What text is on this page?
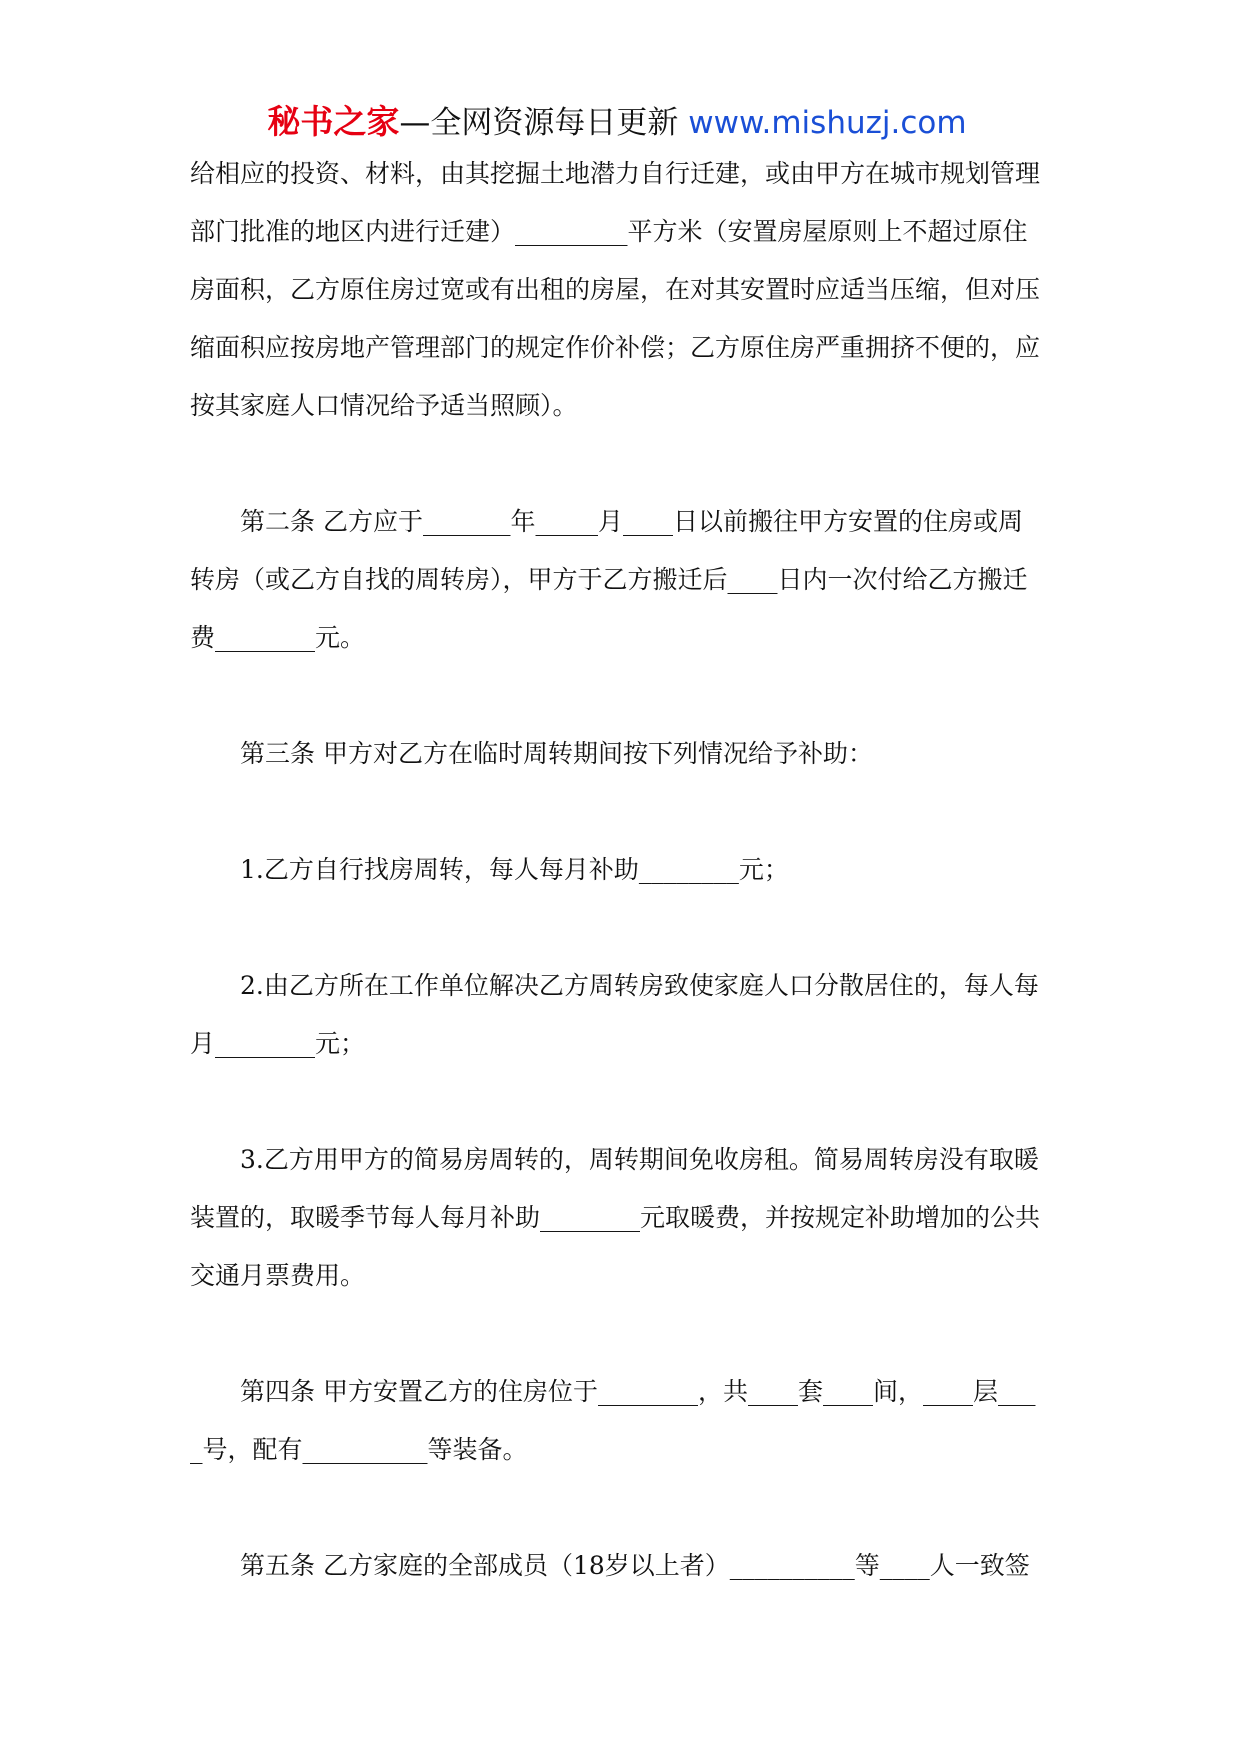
秘书之家—全网资源每日更新 www.mishuzj.com

给相应的投资、材料，由其挖掘土地潜力自行迁建，或由甲方在城市规划管理部门批准的地区内进行迁建）_________平方米（安置房屋原则上不超过原住房面积，乙方原住房过宽或有出租的房屋，在对其安置时应适当压缩，但对压缩面积应按房地产管理部门的规定作价补偿；乙方原住房严重拥挤不便的，应按其家庭人口情况给予适当照顾）。

第二条 乙方应于_______年_____月____日以前搬往甲方安置的住房或周转房（或乙方自找的周转房），甲方于乙方搬迁后____日内一次付给乙方搬迁费________元。

第三条 甲方对乙方在临时周转期间按下列情况给予补助：

1.乙方自行找房周转，每人每月补助________元；

2.由乙方所在工作单位解决乙方周转房致使家庭人口分散居住的，每人每月________元；

3.乙方用甲方的简易房周转的，周转期间免收房租。简易周转房没有取暖装置的，取暖季节每人每月补助________元取暖费，并按规定补助增加的公共交通月票费用。

第四条 甲方安置乙方的住房位于________，共____套____间，____层____号，配有__________等装备。

第五条 乙方家庭的全部成员（18岁以上者）__________等____人一致签
